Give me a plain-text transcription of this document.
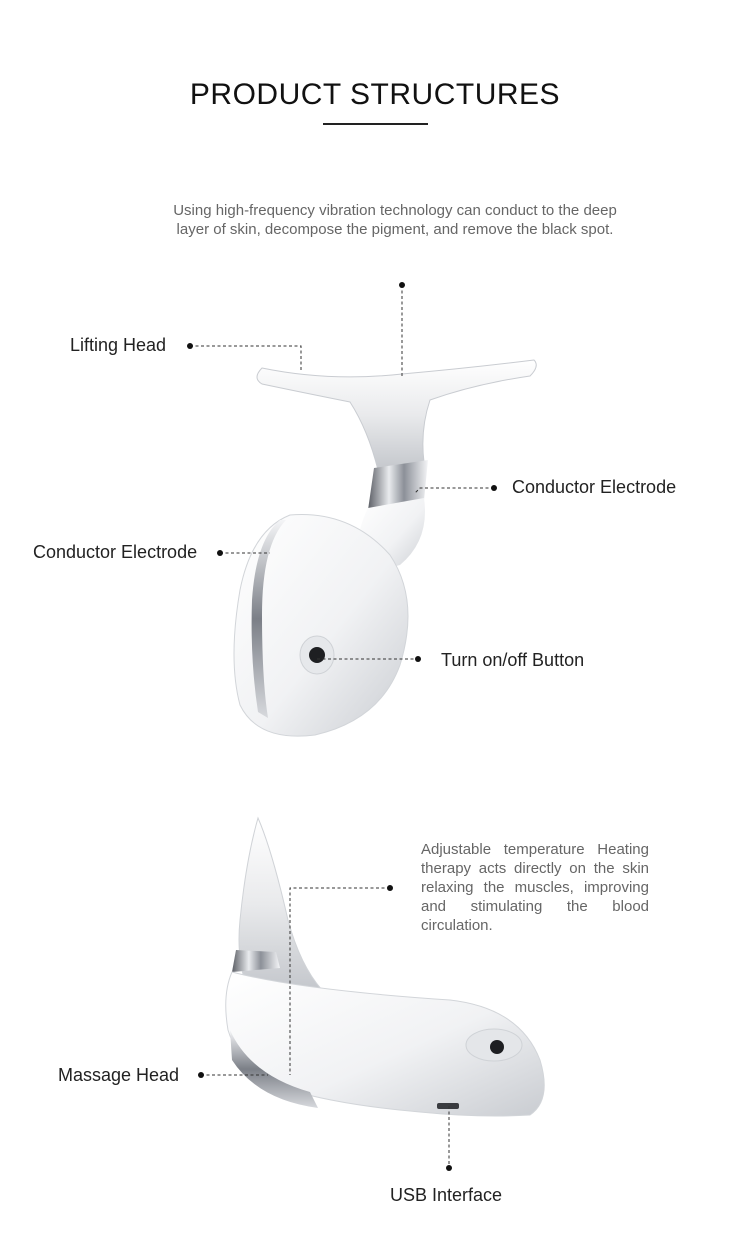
PRODUCT STRUCTURES
Using high-frequency vibration technology can conduct to the deep layer of skin, decompose the pigment, and remove the black spot.
Adjustable temperature Heating therapy acts directly on the skin relaxing the muscles, improving and stimulating the blood circulation.
Lifting Head
Conductor Electrode
Conductor Electrode
Turn on/off Button
Massage Head
USB Interface
